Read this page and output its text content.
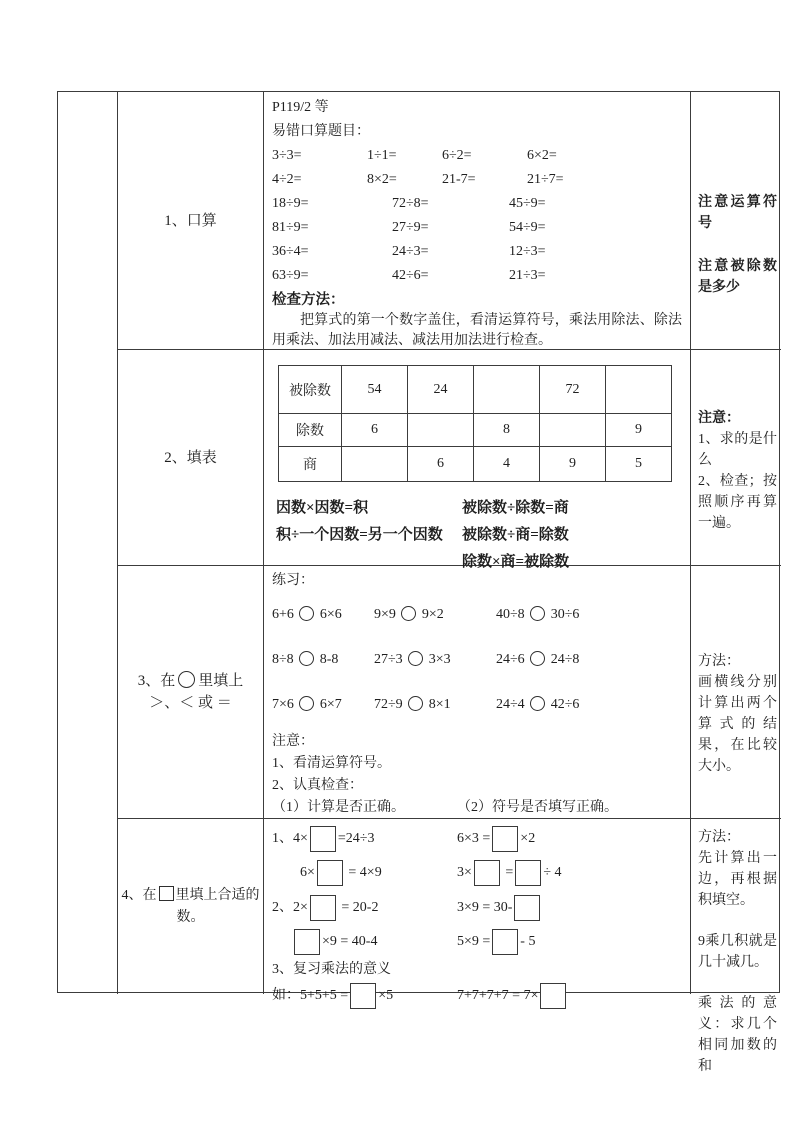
1、口算
P119/2 等
易错口算题目：
3÷3=	1÷1=	6÷2=	6×2=
4÷2=	8×2=	21-7=	21÷7=
18÷9=	72÷8=	45÷9=
81÷9=	27÷9=	54÷9=
36÷4=	24÷3=	12÷3=
63÷9=	42÷6=	21÷3=
检查方法：
把算式的第一个数字盖住，看清运算符号，乘法用除法、除法用乘法、加法用减法、减法用加法进行检查。
注意运算符号
注意被除数是多少
2、填表
被除数	54	24		72	
除数	6		8		9
商		6	4	9	5
因数×因数=积
积÷一个因数=另一个因数
被除数÷除数=商
被除数÷商=除数
除数×商=被除数
注意：
1、求的是什么
2、检查；按照顺序再算一遍。
3、在 里填上
＞、＜ 或 ＝
练习：
6+6  6×6	9×9  9×2	40÷8  30÷6
8÷8  8-8	27÷3  3×3	24÷6  24÷8
7×6  6×7	72÷9  8×1	24÷4  42÷6
注意：
1、看清运算符号。
2、认真检查：
（1）计算是否正确。	（2）符号是否填写正确。
方法：
画横线分别计算出两个算式的结果，在比较大小。
4、在 里填上合适的数。
1、4× =24÷3	6×3 = ×2
6× = 4×9	3× = ÷ 4
2、2× = 20-2	3×9 = 30-
×9 = 40-4	5×9 = - 5
3、复习乘法的意义
如：5+5+5 = ×5	7+7+7+7 = 7×
方法：
先计算出一边，再根据积填空。
9乘几积就是几十减几。
乘法的意义：求几个相同加数的和
